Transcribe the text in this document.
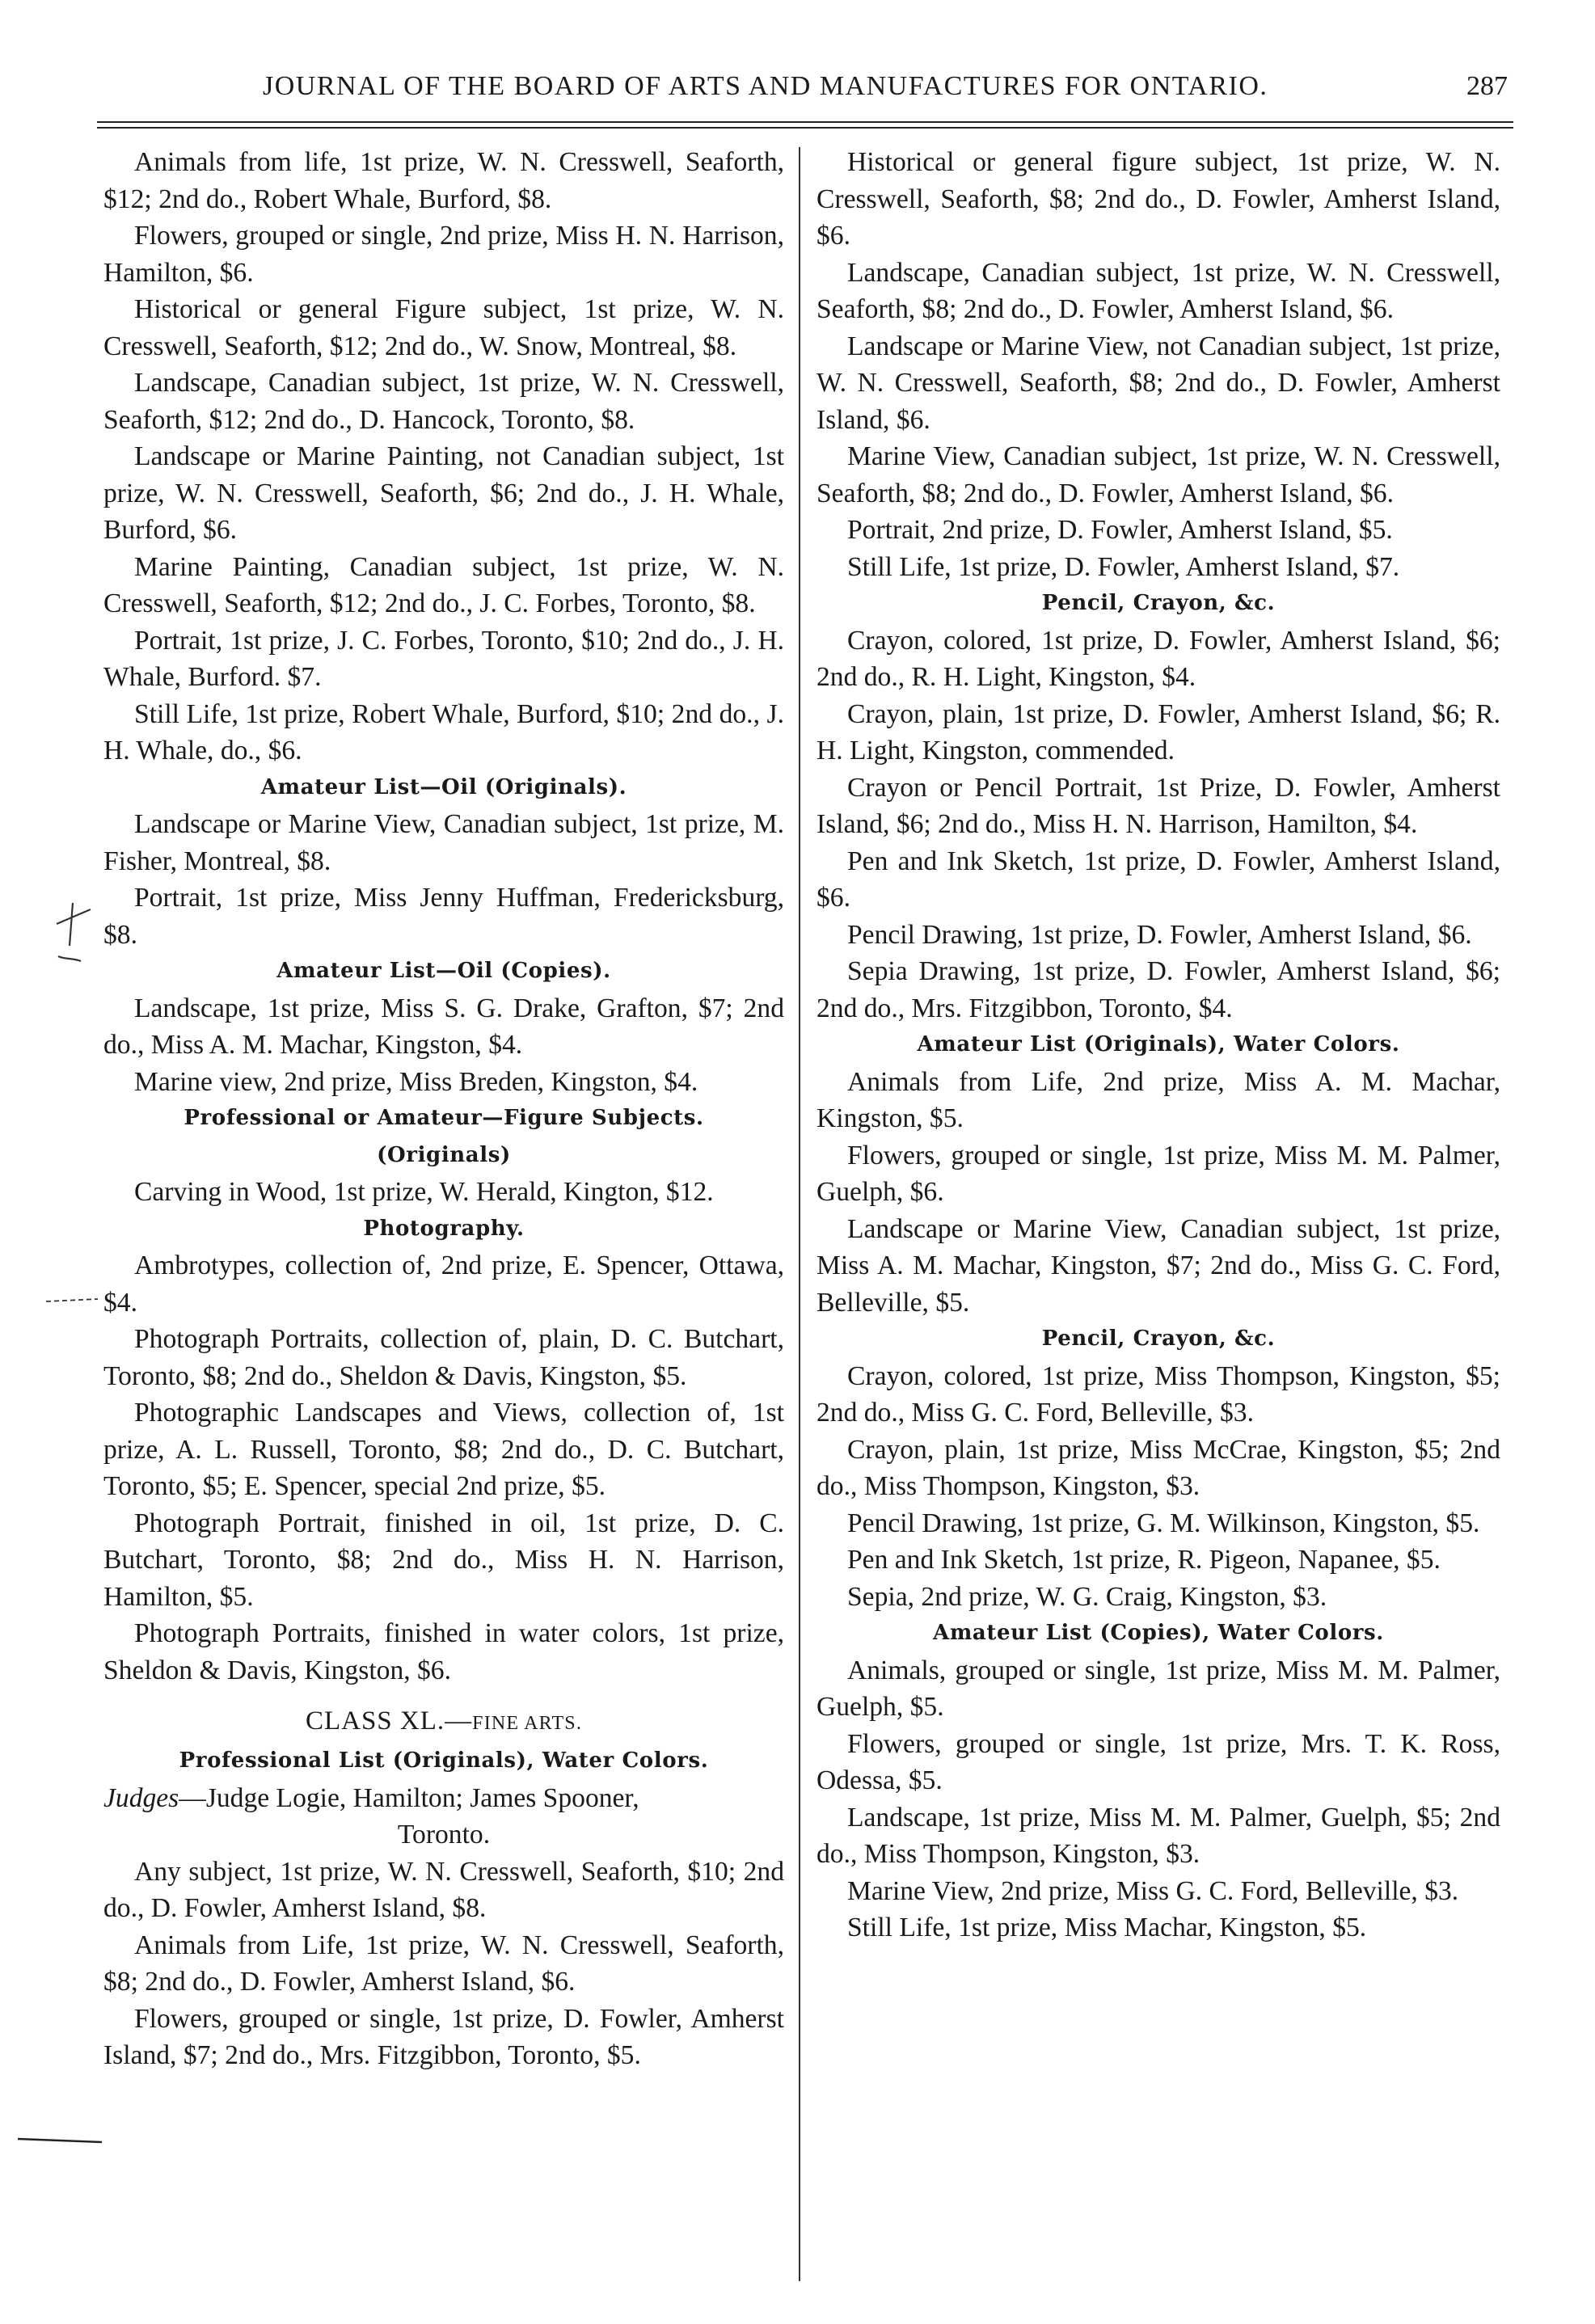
JOURNAL OF THE BOARD OF ARTS AND MANUFACTURES FOR ONTARIO.	287

Animals from life, 1st prize, W. N. Cresswell, Seaforth, $12; 2nd do., Robert Whale, Burford, $8.

Flowers, grouped or single, 2nd prize, Miss H. N. Harrison, Hamilton, $6.

Historical or general Figure subject, 1st prize, W. N. Cresswell, Seaforth, $12; 2nd do., W. Snow, Montreal, $8.

Landscape, Canadian subject, 1st prize, W. N. Cresswell, Seaforth, $12; 2nd do., D. Hancock, Toronto, $8.

Landscape or Marine Painting, not Canadian subject, 1st prize, W. N. Cresswell, Seaforth, $6; 2nd do., J. H. Whale, Burford, $6.

Marine Painting, Canadian subject, 1st prize, W. N. Cresswell, Seaforth, $12; 2nd do., J. C. Forbes, Toronto, $8.

Portrait, 1st prize, J. C. Forbes, Toronto, $10; 2nd do., J. H. Whale, Burford. $7.

Still Life, 1st prize, Robert Whale, Burford, $10; 2nd do., J. H. Whale, do., $6.

Amateur List—Oil (Originals).

Landscape or Marine View, Canadian subject, 1st prize, M. Fisher, Montreal, $8.

Portrait, 1st prize, Miss Jenny Huffman, Fredericksburg, $8.

Amateur List—Oil (Copies).

Landscape, 1st prize, Miss S. G. Drake, Grafton, $7; 2nd do., Miss A. M. Machar, Kingston, $4.

Marine view, 2nd prize, Miss Breden, Kingston, $4.

Professional or Amateur—Figure Subjects.

(Originals)

Carving in Wood, 1st prize, W. Herald, Kington, $12.

Photography.

Ambrotypes, collection of, 2nd prize, E. Spencer, Ottawa, $4.

Photograph Portraits, collection of, plain, D. C. Butchart, Toronto, $8; 2nd do., Sheldon & Davis, Kingston, $5.

Photographic Landscapes and Views, collection of, 1st prize, A. L. Russell, Toronto, $8; 2nd do., D. C. Butchart, Toronto, $5; E. Spencer, special 2nd prize, $5.

Photograph Portrait, finished in oil, 1st prize, D. C. Butchart, Toronto, $8; 2nd do., Miss H. N. Harrison, Hamilton, $5.

Photograph Portraits, finished in water colors, 1st prize, Sheldon & Davis, Kingston, $6.

CLASS XL.—FINE ARTS.

Professional List (Originals), Water Colors.

Judges—Judge Logie, Hamilton; James Spooner,

Toronto.

Any subject, 1st prize, W. N. Cresswell, Seaforth, $10; 2nd do., D. Fowler, Amherst Island, $8.

Animals from Life, 1st prize, W. N. Cresswell, Seaforth, $8; 2nd do., D. Fowler, Amherst Island, $6.

Flowers, grouped or single, 1st prize, D. Fowler, Amherst Island, $7; 2nd do., Mrs. Fitzgibbon, Toronto, $5.

Historical or general figure subject, 1st prize, W. N. Cresswell, Seaforth, $8; 2nd do., D. Fowler, Amherst Island, $6.

Landscape, Canadian subject, 1st prize, W. N. Cresswell, Seaforth, $8; 2nd do., D. Fowler, Amherst Island, $6.

Landscape or Marine View, not Canadian subject, 1st prize, W. N. Cresswell, Seaforth, $8; 2nd do., D. Fowler, Amherst Island, $6.

Marine View, Canadian subject, 1st prize, W. N. Cresswell, Seaforth, $8; 2nd do., D. Fowler, Amherst Island, $6.

Portrait, 2nd prize, D. Fowler, Amherst Island, $5.

Still Life, 1st prize, D. Fowler, Amherst Island, $7.

Pencil, Crayon, &c.

Crayon, colored, 1st prize, D. Fowler, Amherst Island, $6; 2nd do., R. H. Light, Kingston, $4.

Crayon, plain, 1st prize, D. Fowler, Amherst Island, $6; R. H. Light, Kingston, commended.

Crayon or Pencil Portrait, 1st Prize, D. Fowler, Amherst Island, $6; 2nd do., Miss H. N. Harrison, Hamilton, $4.

Pen and Ink Sketch, 1st prize, D. Fowler, Amherst Island, $6.

Pencil Drawing, 1st prize, D. Fowler, Amherst Island, $6.

Sepia Drawing, 1st prize, D. Fowler, Amherst Island, $6; 2nd do., Mrs. Fitzgibbon, Toronto, $4.

Amateur List (Originals), Water Colors.

Animals from Life, 2nd prize, Miss A. M. Machar, Kingston, $5.

Flowers, grouped or single, 1st prize, Miss M. M. Palmer, Guelph, $6.

Landscape or Marine View, Canadian subject, 1st prize, Miss A. M. Machar, Kingston, $7; 2nd do., Miss G. C. Ford, Belleville, $5.

Pencil, Crayon, &c.

Crayon, colored, 1st prize, Miss Thompson, Kingston, $5; 2nd do., Miss G. C. Ford, Belleville, $3.

Crayon, plain, 1st prize, Miss McCrae, Kingston, $5; 2nd do., Miss Thompson, Kingston, $3.

Pencil Drawing, 1st prize, G. M. Wilkinson, Kingston, $5.

Pen and Ink Sketch, 1st prize, R. Pigeon, Napanee, $5.

Sepia, 2nd prize, W. G. Craig, Kingston, $3.

Amateur List (Copies), Water Colors.

Animals, grouped or single, 1st prize, Miss M. M. Palmer, Guelph, $5.

Flowers, grouped or single, 1st prize, Mrs. T. K. Ross, Odessa, $5.

Landscape, 1st prize, Miss M. M. Palmer, Guelph, $5; 2nd do., Miss Thompson, Kingston, $3.

Marine View, 2nd prize, Miss G. C. Ford, Belleville, $3.

Still Life, 1st prize, Miss Machar, Kingston, $5.
